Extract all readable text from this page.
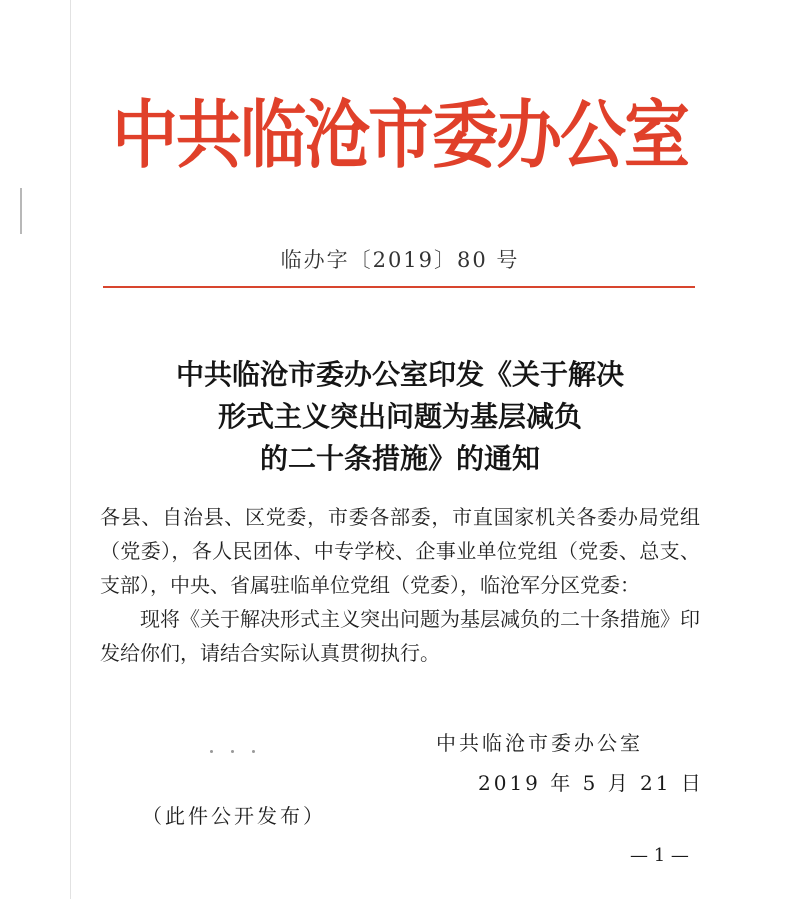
中共临沧市委办公室
临办字〔2019〕80 号
中共临沧市委办公室印发《关于解决
形式主义突出问题为基层减负
的二十条措施》的通知

各县、自治县、区党委，市委各部委，市直国家机关各委办局党组（党委），各人民团体、中专学校、企事业单位党组（党委、总支、支部），中央、省属驻临单位党组（党委），临沧军分区党委：

现将《关于解决形式主义突出问题为基层减负的二十条措施》印发给你们，请结合实际认真贯彻执行。

中共临沧市委办公室
2019 年 5 月 21 日
（此件公开发布）
— 1 —
